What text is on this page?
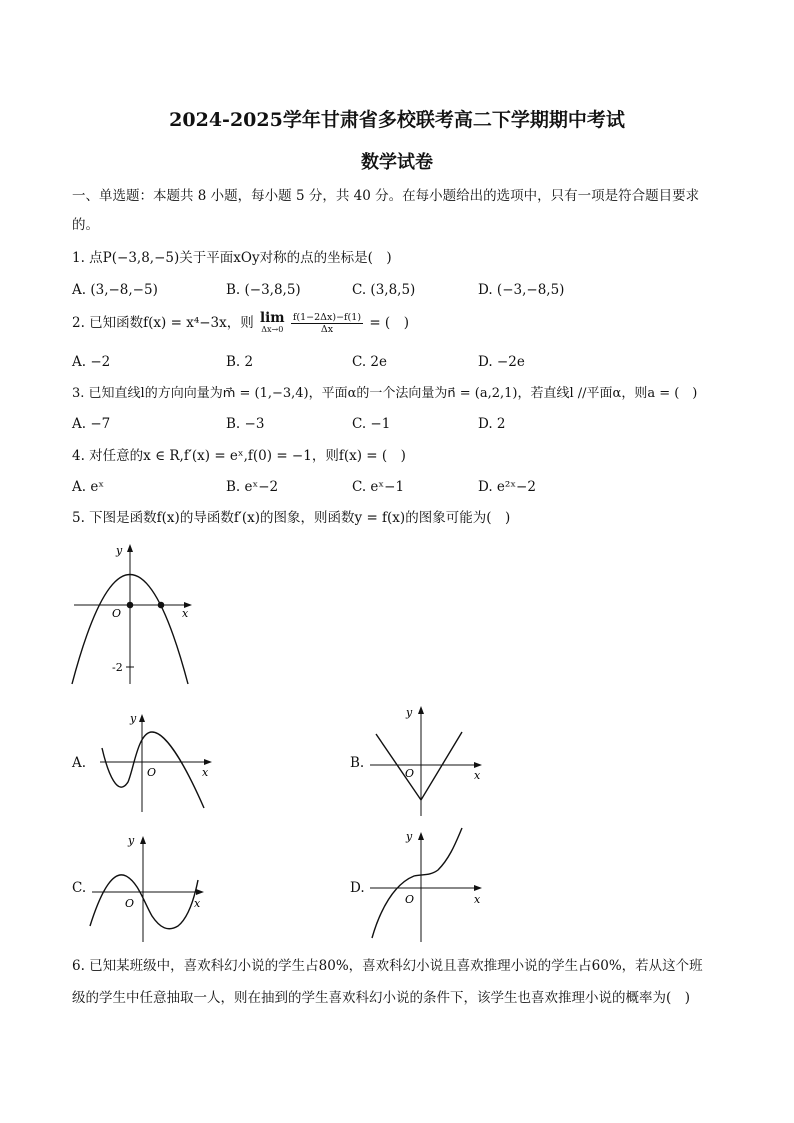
2024-2025学年甘肃省多校联考高二下学期期中考试
数学试卷
一、单选题：本题共 8 小题，每小题 5 分，共 40 分。在每小题给出的选项中，只有一项是符合题目要求
的。
1. 点P(−3,8,−5)关于平面xOy对称的点的坐标是(　)
A. (3,−8,−5)	B. (−3,8,5)	C. (3,8,5)	D. (−3,−8,5)
2. 已知函数f(x) = x⁴−3x，则 lim
Δx→0
$\frac{f(1-2\Delta x)-f(1)}{\Delta x}$ = (　)
A. −2	B. 2	C. 2e	D. −2e
3. 已知直线l的方向向量为m⃗ = (1,−3,4)，平面α的一个法向量为n⃗ = (a,2,1)，若直线l //平面α，则a = (　)
A. −7	B. −3	C. −1	D. 2
4. 对任意的x ∈ R,f′(x) = eˣ,f(0) = −1，则f(x) = (　)
A. eˣ	B. eˣ−2	C. eˣ−1	D. e²ˣ−2
5. 下图是函数f(x)的导函数f′(x)的图象，则函数y = f(x)的图象可能为(　)
y
x
O
-2
A.
y
x
O
B.
y
x
O
C.
y
x
O
D.
y
x
O
6. 已知某班级中，喜欢科幻小说的学生占80%，喜欢科幻小说且喜欢推理小说的学生占60%，若从这个班
级的学生中任意抽取一人，则在抽到的学生喜欢科幻小说的条件下，该学生也喜欢推理小说的概率为(　)
